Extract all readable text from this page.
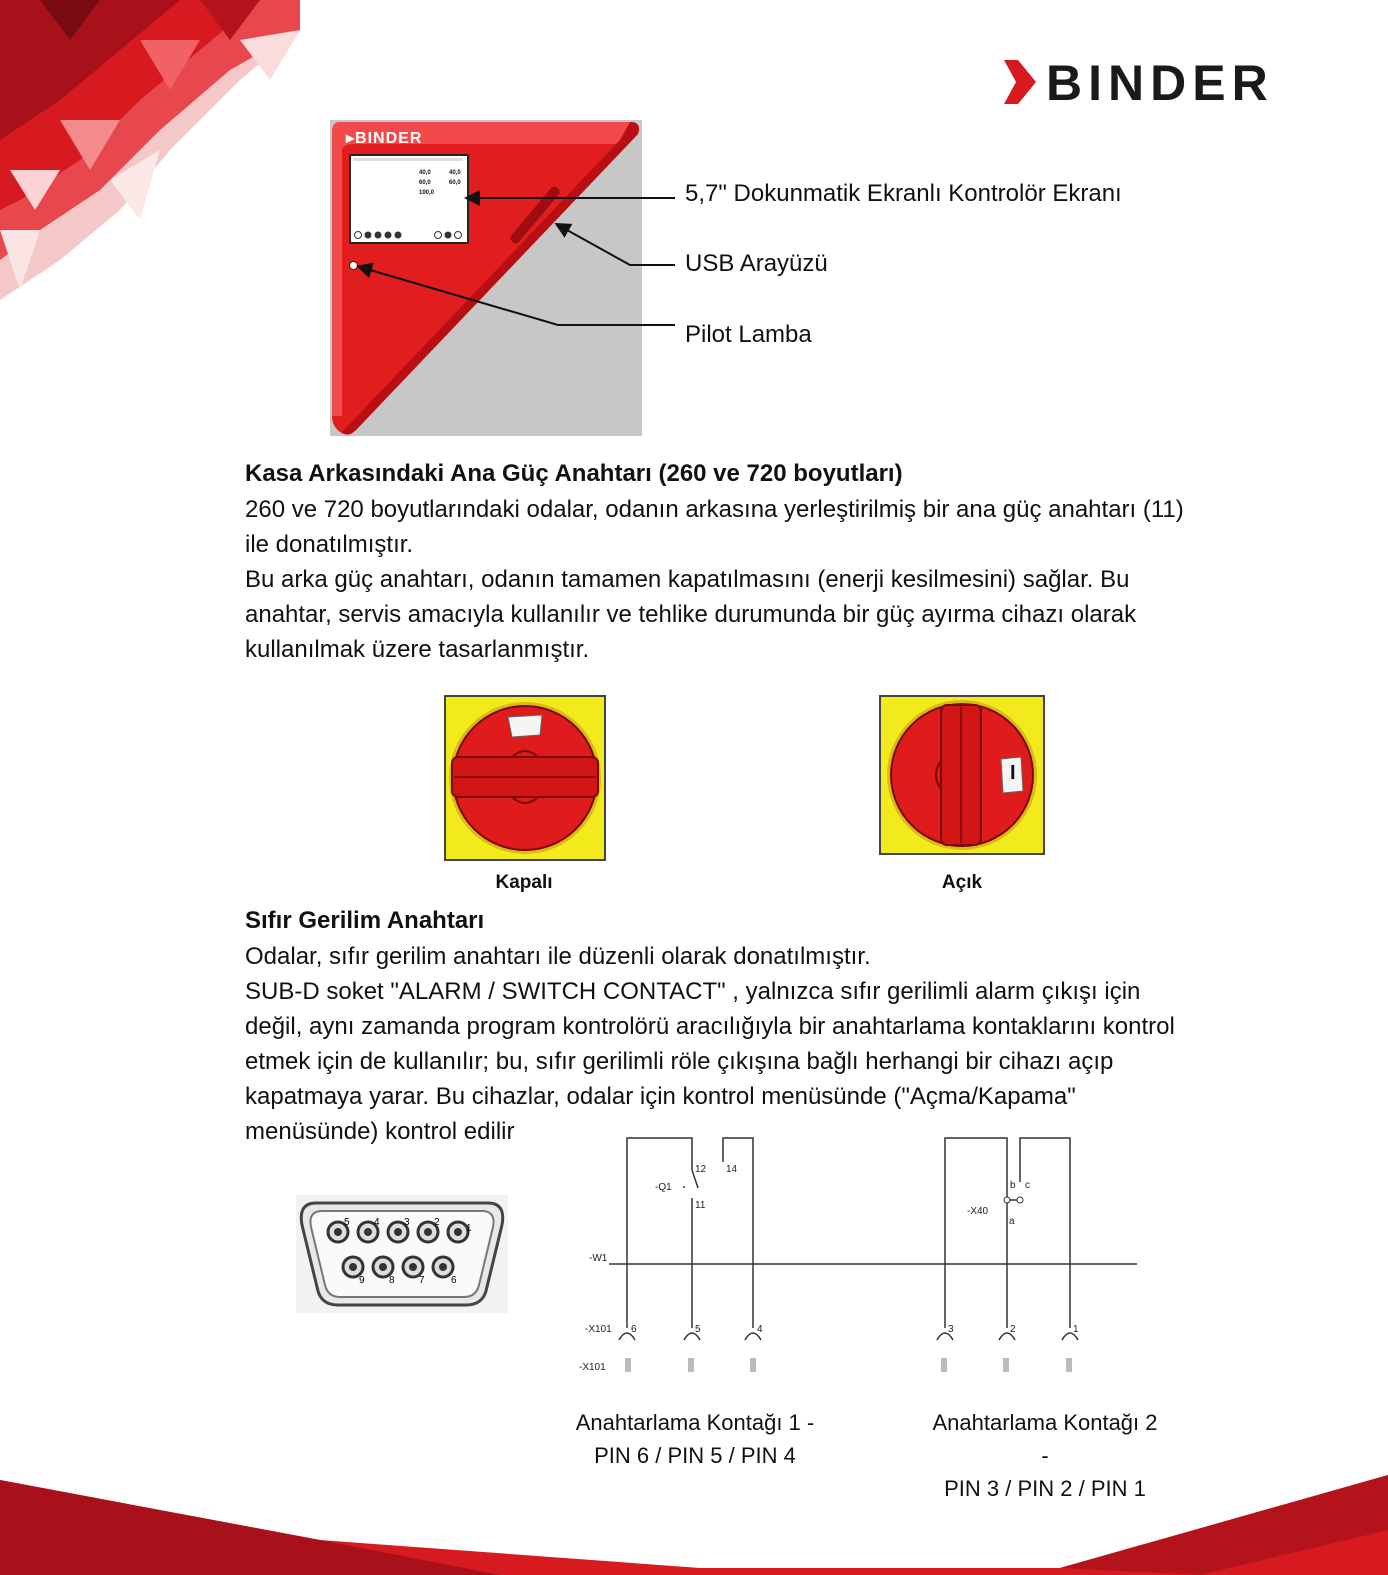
BINDER
▸BINDER
40,0	40,0
60,0	60,0
100,0	5,7" Dokunmatik Ekranlı Kontrolör Ekranı
USB Arayüzü
Pilot Lamba
Kasa Arkasındaki Ana Güç Anahtarı (260 ve 720 boyutları)
260 ve 720 boyutlarındaki odalar, odanın arkasına yerleştirilmiş bir ana güç anahtarı (11)
ile donatılmıştır.
Bu arka güç anahtarı, odanın tamamen kapatılmasını (enerji kesilmesini) sağlar. Bu
anahtar, servis amacıyla kullanılır ve tehlike durumunda bir güç ayırma cihazı olarak
kullanılmak üzere tasarlanmıştır.
Kapalı
I
Açık
Sıfır Gerilim Anahtarı
Odalar, sıfır gerilim anahtarı ile düzenli olarak donatılmıştır.
SUB-D soket "ALARM / SWITCH CONTACT" , yalnızca sıfır gerilimli alarm çıkışı için
değil, aynı zamanda program kontrolörü aracılığıyla bir anahtarlama kontaklarını kontrol
etmek için de kullanılır; bu, sıfır gerilimli röle çıkışına bağlı herhangi bir cihazı açıp
kapatmaya yarar. Bu cihazlar, odalar için kontrol menüsünde ("Açma/Kapama"
menüsünde) kontrol edilir
5 4 3 2
1
9 8 7	6
-Q1
12 14
11
-X40
b c
a
-W1
-X101
-X101
6	5	4	3	2	1
Anahtarlama Kontağı 1 -
PIN 6 / PIN 5 / PIN 4
Anahtarlama Kontağı 2
-
PIN 3 / PIN 2 / PIN 1
